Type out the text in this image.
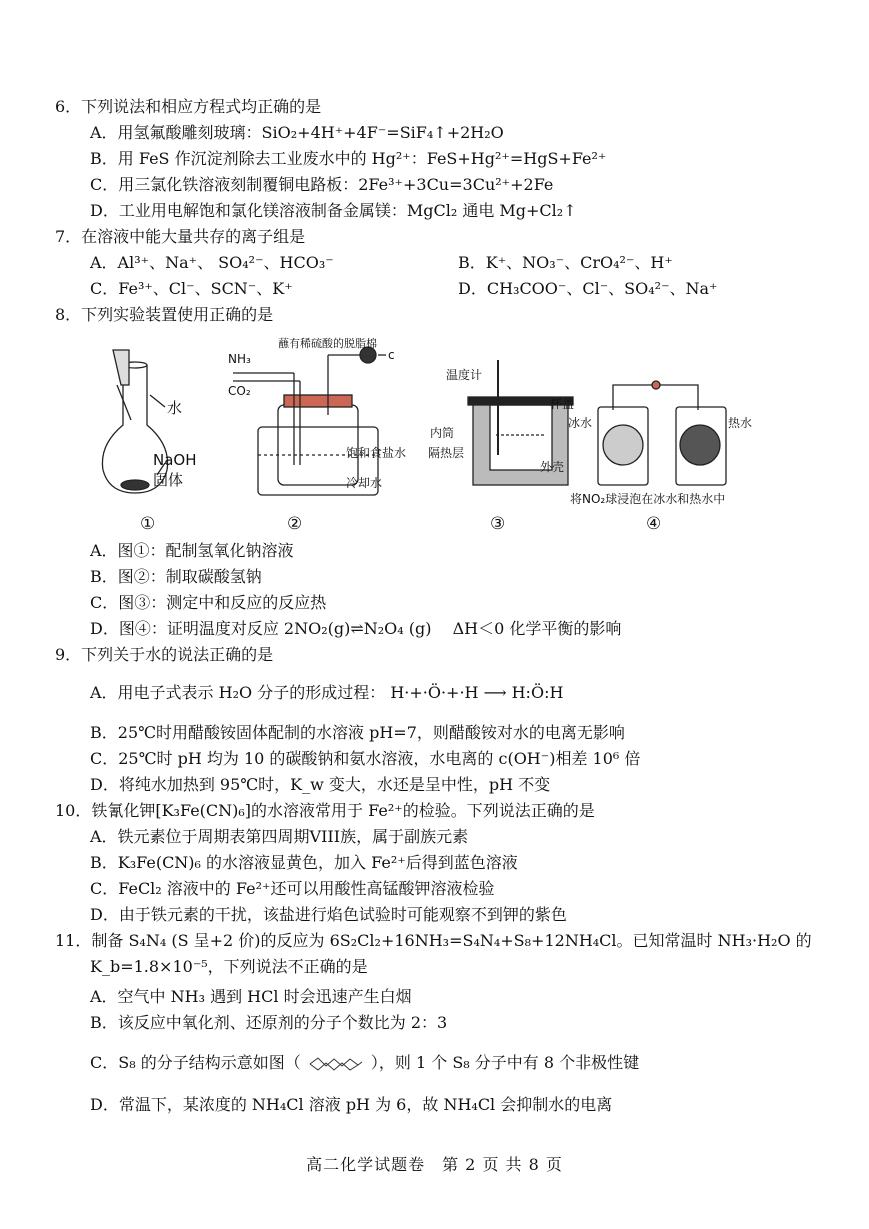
6．下列说法和相应方程式均正确的是
A．用氢氟酸雕刻玻璃：SiO₂+4H⁺+4F⁻=SiF₄↑+2H₂O
B．用 FeS 作沉淀剂除去工业废水中的 Hg²⁺：FeS+Hg²⁺=HgS+Fe²⁺
C．用三氯化铁溶液刻制覆铜电路板：2Fe³⁺+3Cu=3Cu²⁺+2Fe
D．工业用电解饱和氯化镁溶液制备金属镁：MgCl₂ 通电 Mg+Cl₂↑
7．在溶液中能大量共存的离子组是
A．Al³⁺、Na⁺、 SO₄²⁻、HCO₃⁻	B．K⁺、NO₃⁻、CrO₄²⁻、H⁺
C．Fe³⁺、Cl⁻、SCN⁻、K⁺	D．CH₃COO⁻、Cl⁻、SO₄²⁻、Na⁺
8．下列实验装置使用正确的是
水
NaOH
固体
NH₃
CO₂
蘸有稀硫酸的脱脂棉
c
饱和食盐水
冷却水
温度计
杯盖
内筒
隔热层
外壳
冰水	热水
将NO₂球浸泡在冰水和热水中
①	②	③	④
A．图①：配制氢氧化钠溶液
B．图②：制取碳酸氢钠
C．图③：测定中和反应的反应热
D．图④：证明温度对反应 2NO₂(g)⇌N₂O₄ (g)　 ΔH＜0 化学平衡的影响
9．下列关于水的说法正确的是
A．用电子式表示 H₂O 分子的形成过程： H·+·Ö·+·H ⟶ H:Ö:H
B．25℃时用醋酸铵固体配制的水溶液 pH=7，则醋酸铵对水的电离无影响
C．25℃时 pH 均为 10 的碳酸钠和氨水溶液，水电离的 c(OH⁻)相差 10⁶ 倍
D．将纯水加热到 95℃时，K_w 变大，水还是呈中性，pH 不变
10．铁氰化钾[K₃Fe(CN)₆]的水溶液常用于 Fe²⁺的检验。下列说法正确的是
A．铁元素位于周期表第四周期VIII族，属于副族元素
B．K₃Fe(CN)₆ 的水溶液显黄色，加入 Fe²⁺后得到蓝色溶液
C．FeCl₂ 溶液中的 Fe²⁺还可以用酸性高锰酸钾溶液检验
D．由于铁元素的干扰，该盐进行焰色试验时可能观察不到钾的紫色
11．制备 S₄N₄ (S 呈+2 价)的反应为 6S₂Cl₂+16NH₃=S₄N₄+S₈+12NH₄Cl。已知常温时 NH₃·H₂O 的
K_b=1.8×10⁻⁵，下列说法不正确的是
A．空气中 NH₃ 遇到 HCl 时会迅速产生白烟
B．该反应中氧化剂、还原剂的分子个数比为 2：3
C．S₈ 的分子结构示意如图（	），则 1 个 S₈ 分子中有 8 个非极性键
D．常温下，某浓度的 NH₄Cl 溶液 pH 为 6，故 NH₄Cl 会抑制水的电离
高二化学试题卷　第 2 页 共 8 页
